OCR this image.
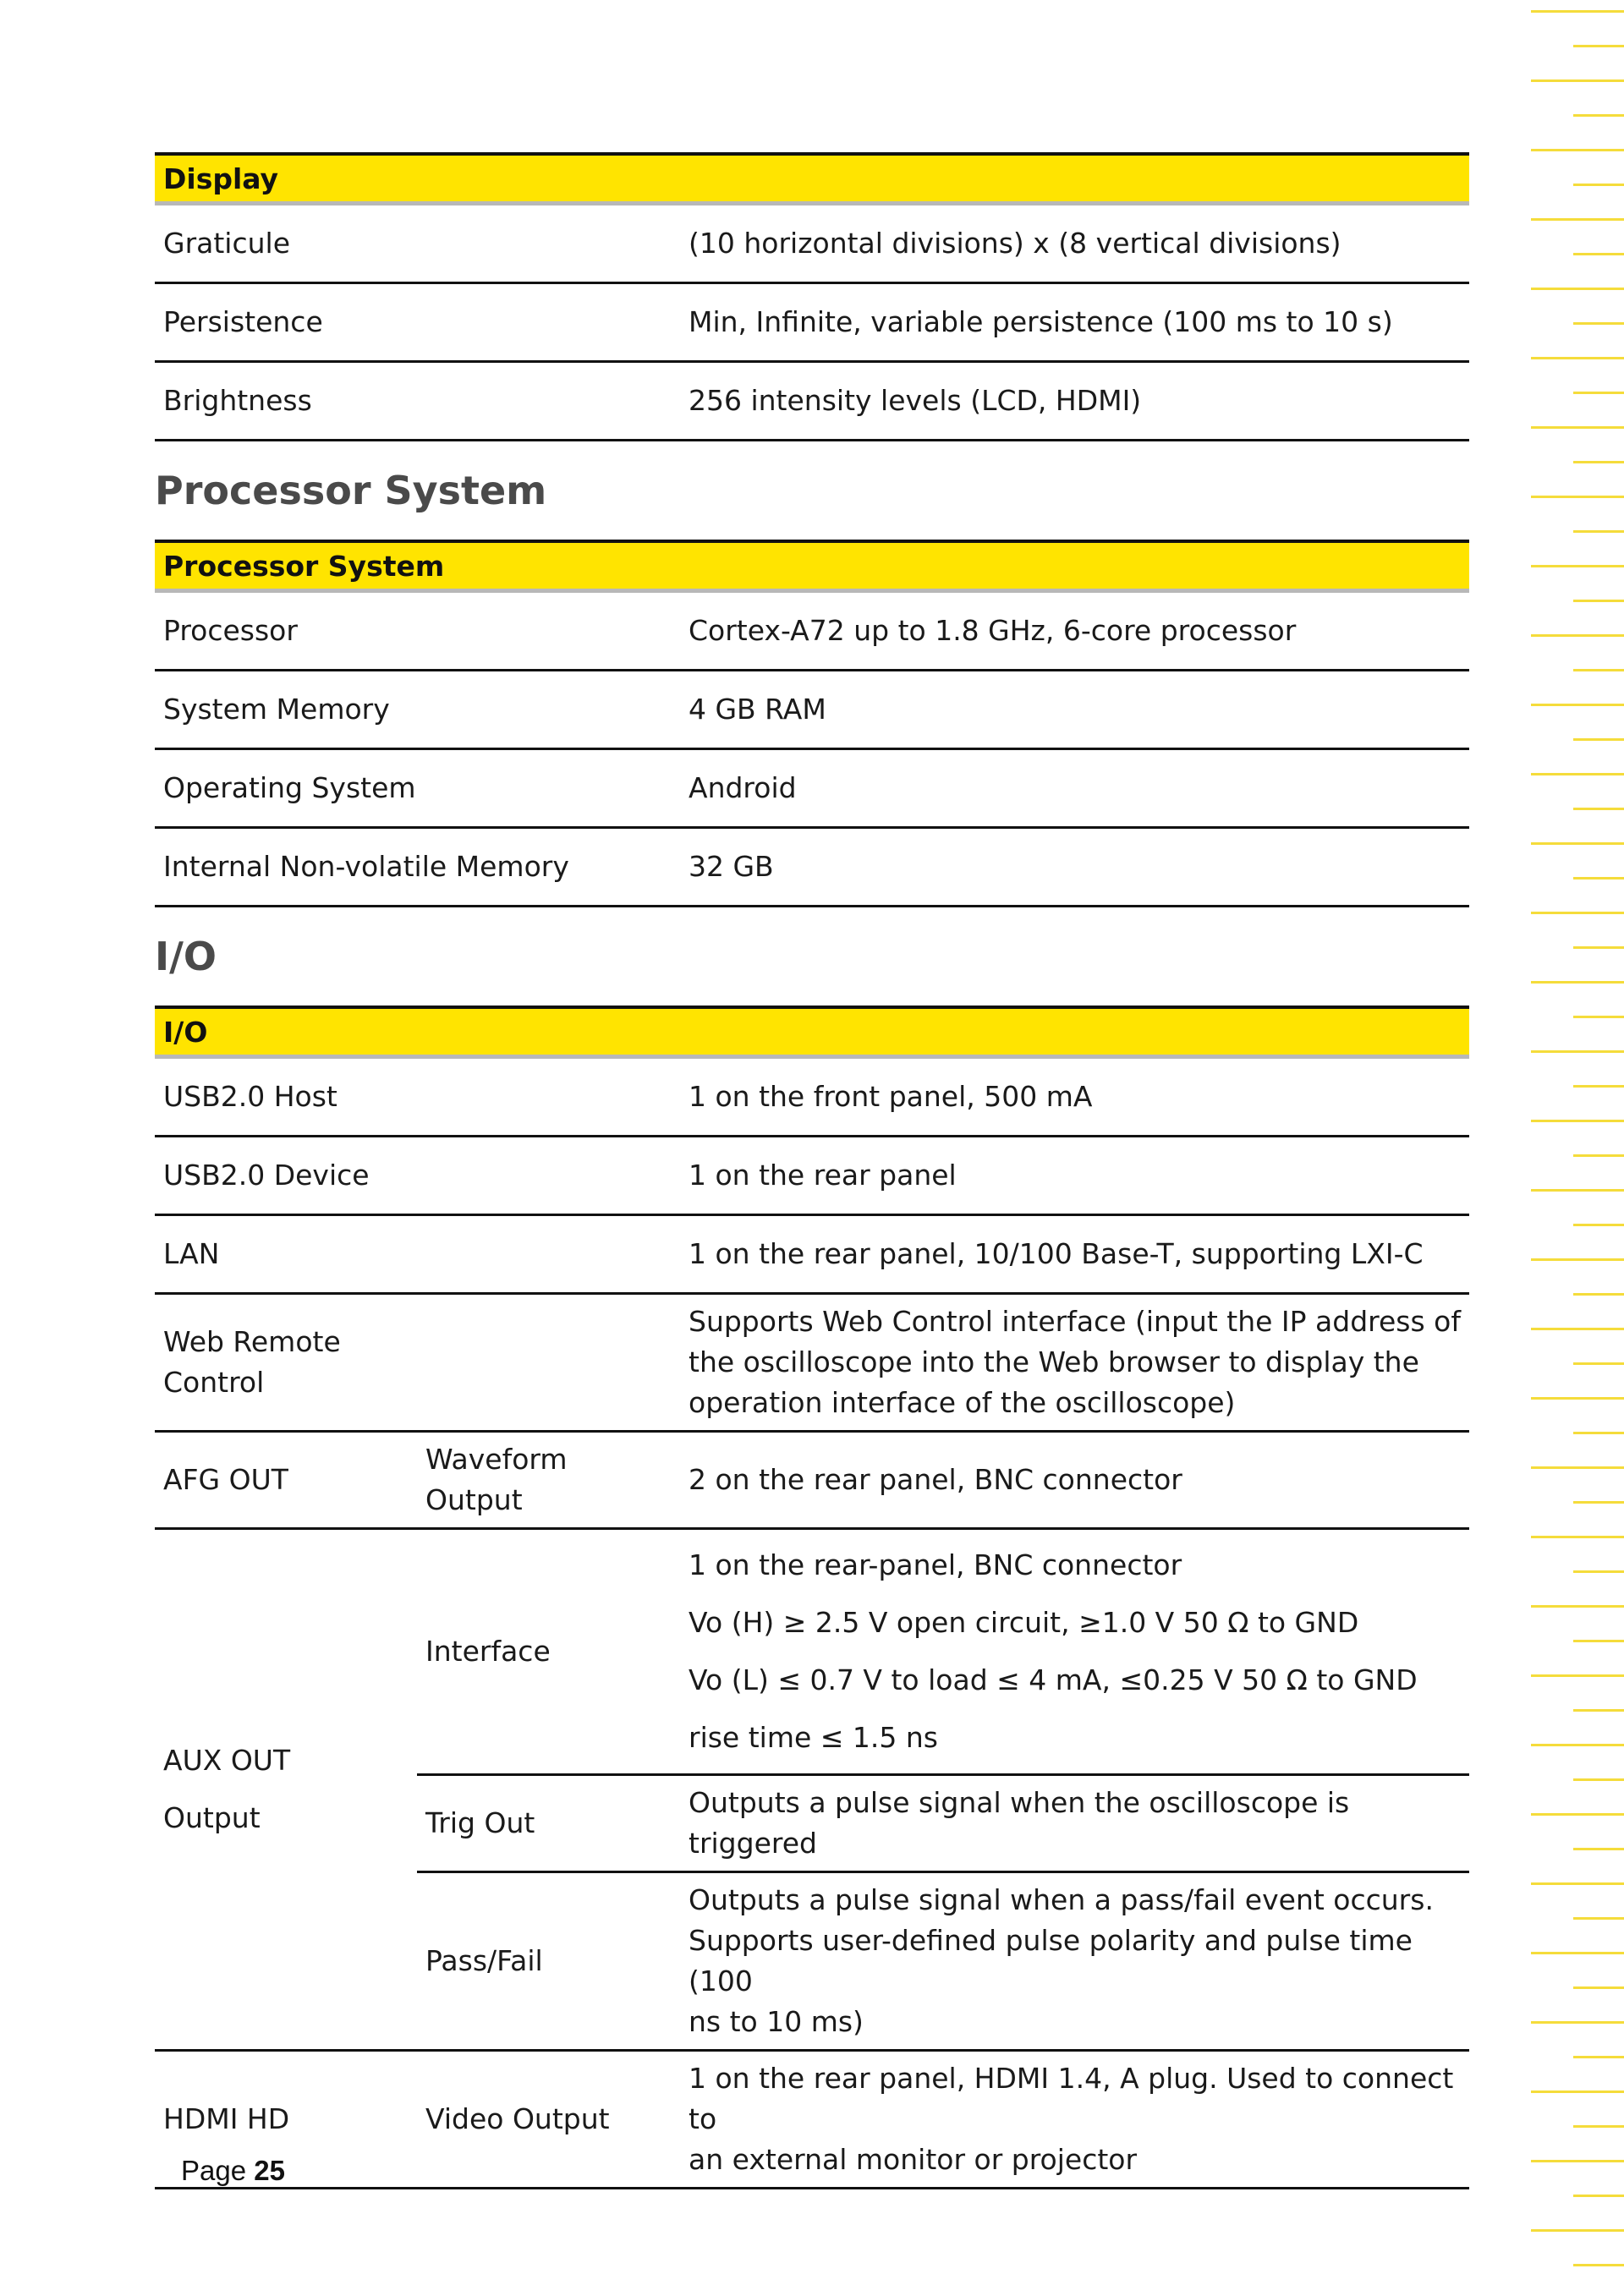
Display	
Graticule	(10 horizontal divisions) x (8 vertical divisions)
Persistence	Min, Infinite, variable persistence (100 ms to 10 s)
Brightness	256 intensity levels (LCD, HDMI)
Processor System
Processor System	
Processor	Cortex-A72 up to 1.8 GHz, 6-core processor
System Memory	4 GB RAM
Operating System	Android
Internal Non-volatile Memory	32 GB
I/O
I/O		
USB2.0 Host		1 on the front panel, 500 mA
USB2.0 Device		1 on the rear panel
LAN		1 on the rear panel, 10/100 Base-T, supporting LXI-C

Web Remote
Control		Supports Web Control interface (input the IP address of
the oscilloscope into the Web browser to display the
operation interface of the oscilloscope)

AFG OUT	Waveform Output	2 on the rear panel, BNC connector

AUX OUT
Output	Interface	1 on the rear-panel, BNC connector
Vo (H) ≥ 2.5 V open circuit, ≥1.0 V 50 Ω to GND
Vo (L) ≤ 0.7 V to load ≤ 4 mA, ≤0.25 V 50 Ω to GND
rise time ≤ 1.5 ns

	Trig Out	Outputs a pulse signal when the oscilloscope is triggered
	Pass/Fail	Outputs a pulse signal when a pass/fail event occurs.
Supports user-defined pulse polarity and pulse time (100
ns to 10 ms)

HDMI HD	Video Output	1 on the rear panel, HDMI 1.4, A plug. Used to connect to
an external monitor or projector
Page 25
